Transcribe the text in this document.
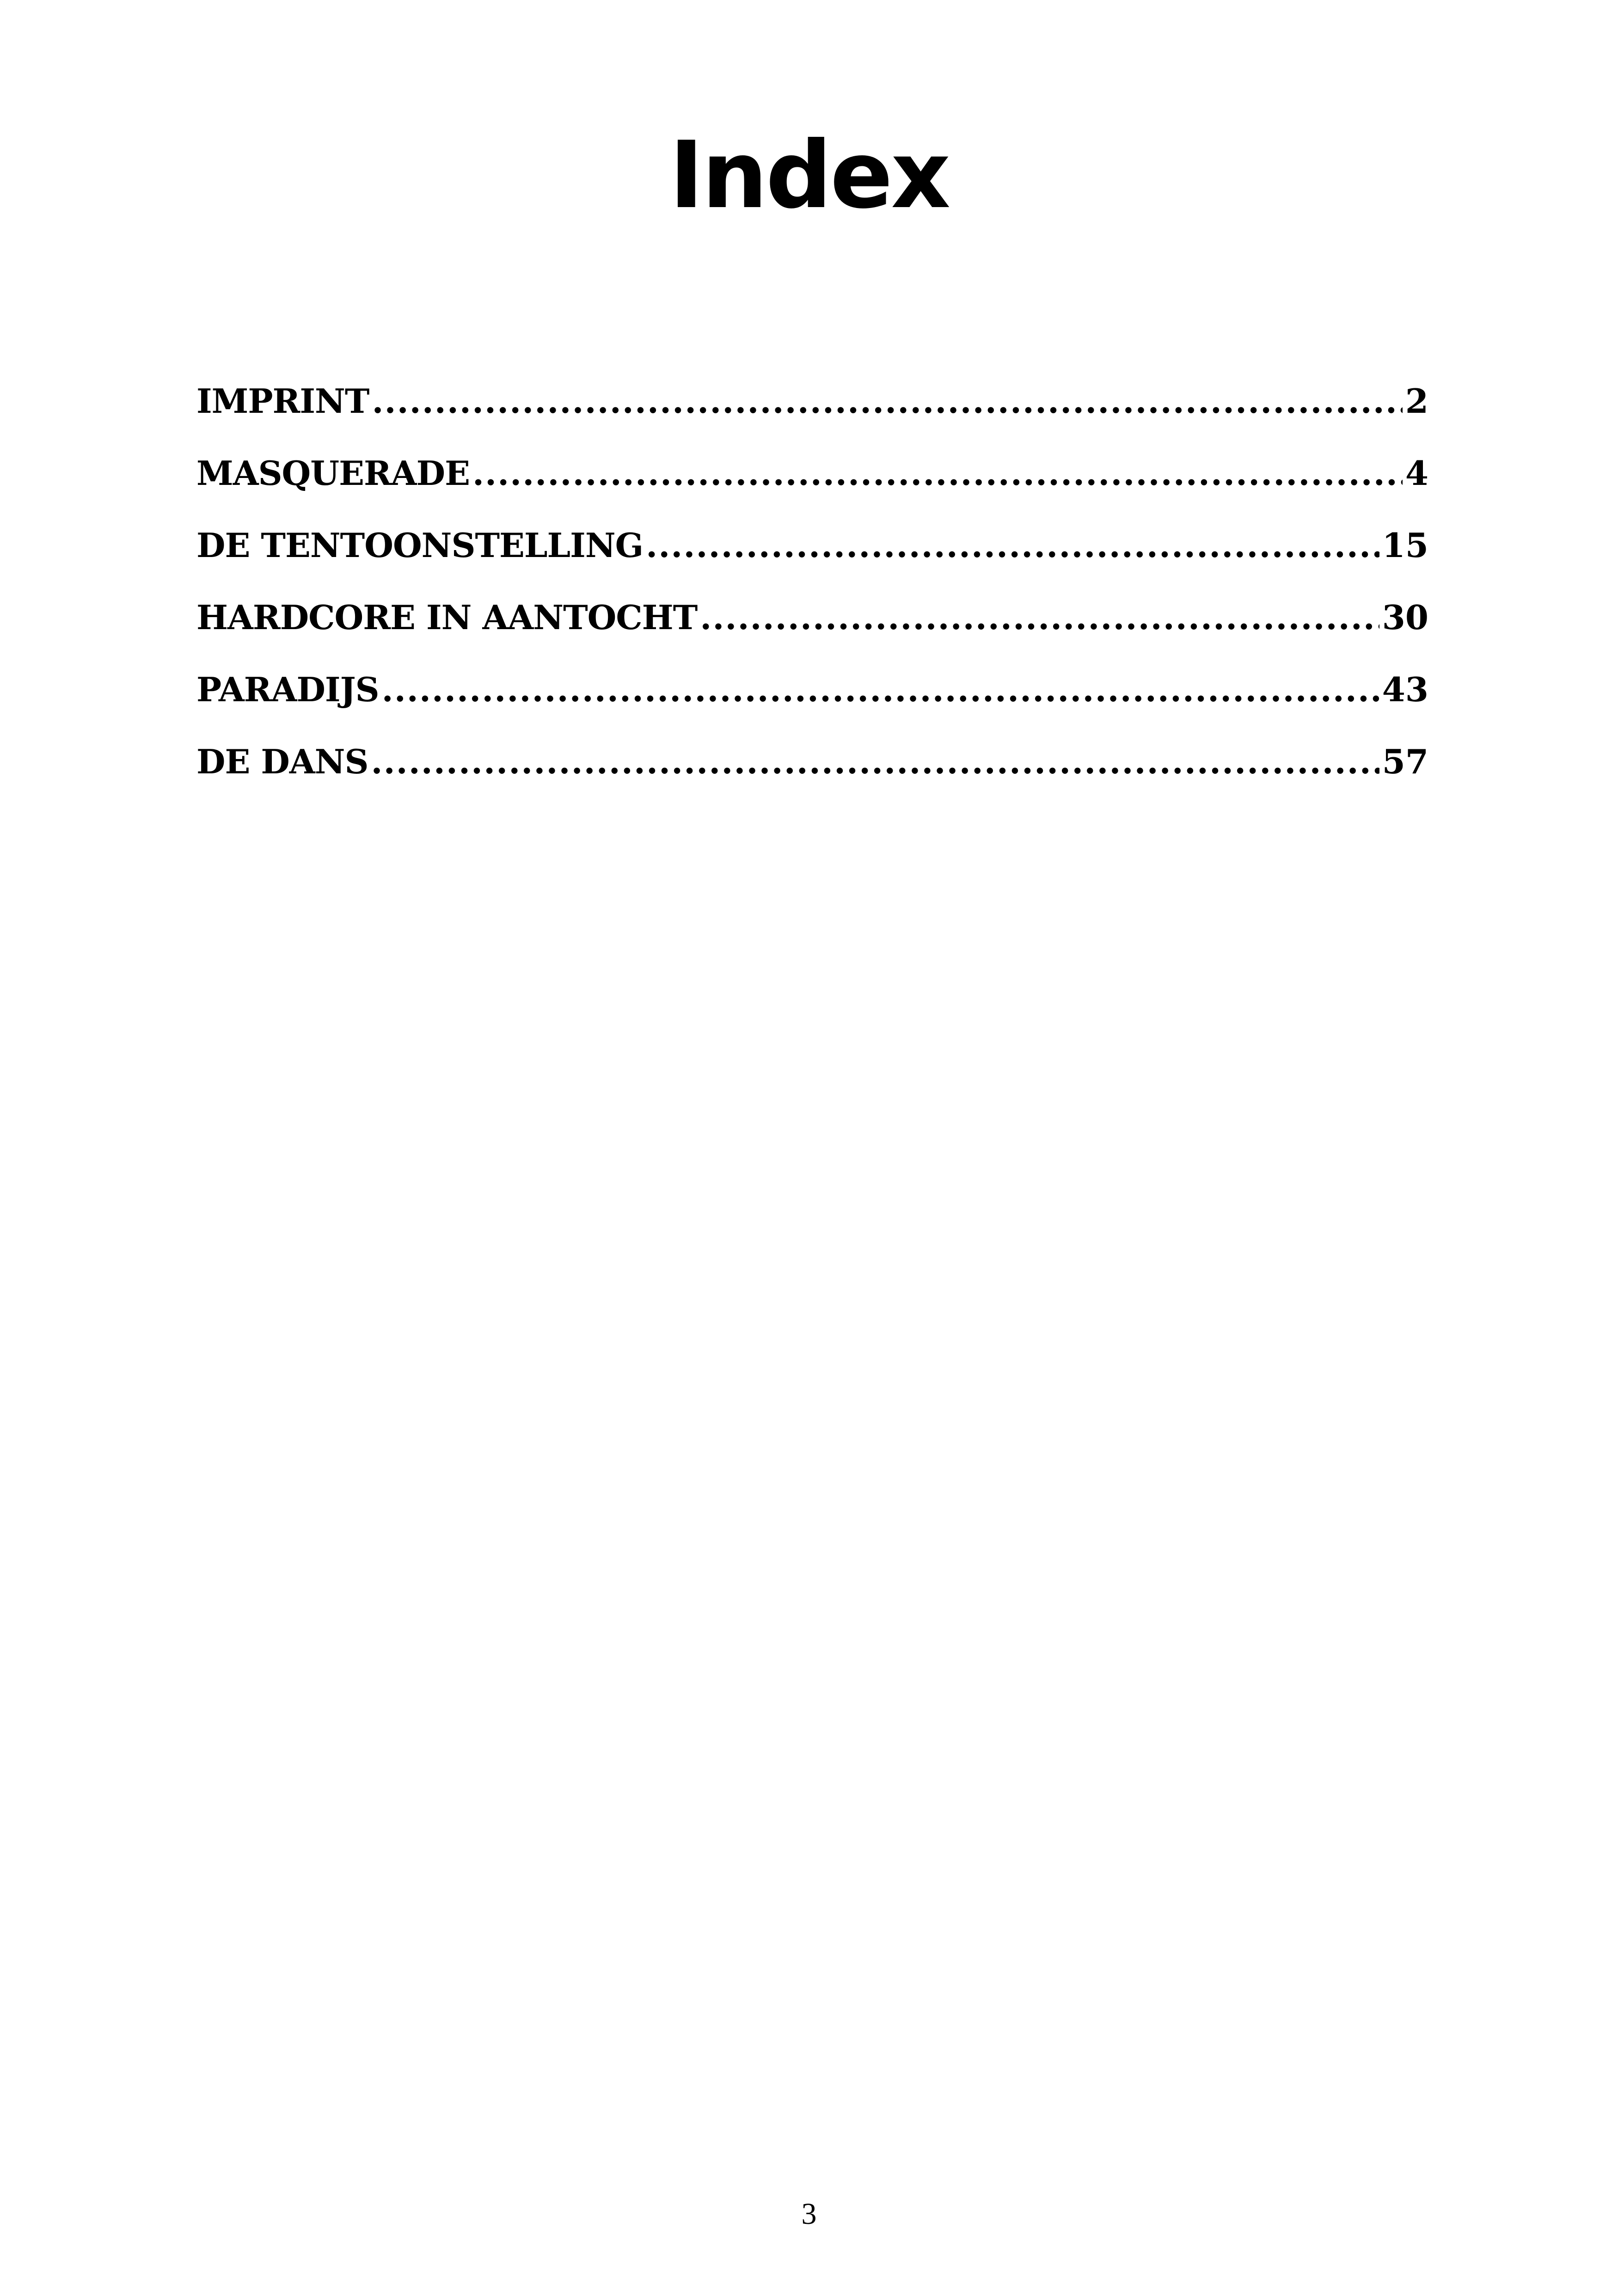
Index
IMPRINT .....	2
MASQUERADE .....	4
DE TENTOONSTELLING .....	15
HARDCORE IN AANTOCHT .....	30
PARADIJS .....	43
DE DANS .....	57
3
